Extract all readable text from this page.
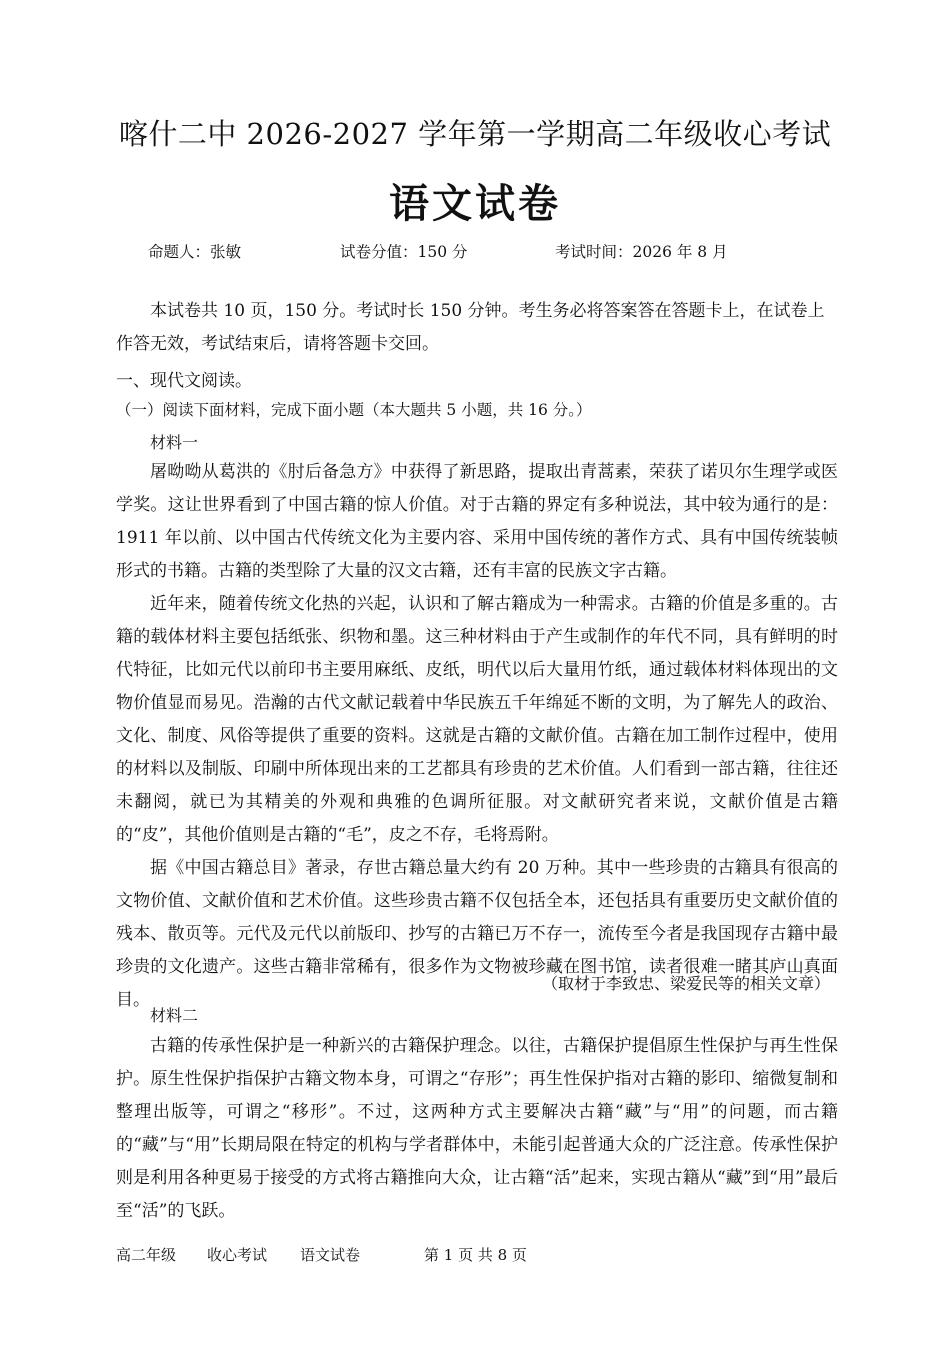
喀什二中 2026-2027 学年第一学期高二年级收心考试
语文试卷
命题人：张敏	试卷分值：150 分	考试时间：2026 年 8 月

本试卷共 10 页，150 分。考试时长 150 分钟。考生务必将答案答在答题卡上，在试卷上作答无效，考试结束后，请将答题卡交回。

一、现代文阅读。
（一）阅读下面材料，完成下面小题（本大题共 5 小题，共 16 分。）
材料一

屠呦呦从葛洪的《肘后备急方》中获得了新思路，提取出青蒿素，荣获了诺贝尔生理学或医学奖。这让世界看到了中国古籍的惊人价值。对于古籍的界定有多种说法，其中较为通行的是：1911 年以前、以中国古代传统文化为主要内容、采用中国传统的著作方式、具有中国传统装帧形式的书籍。古籍的类型除了大量的汉文古籍，还有丰富的民族文字古籍。

近年来，随着传统文化热的兴起，认识和了解古籍成为一种需求。古籍的价值是多重的。古籍的载体材料主要包括纸张、织物和墨。这三种材料由于产生或制作的年代不同，具有鲜明的时代特征，比如元代以前印书主要用麻纸、皮纸，明代以后大量用竹纸，通过载体材料体现出的文物价值显而易见。浩瀚的古代文献记载着中华民族五千年绵延不断的文明，为了解先人的政治、文化、制度、风俗等提供了重要的资料。这就是古籍的文献价值。古籍在加工制作过程中，使用的材料以及制版、印刷中所体现出来的工艺都具有珍贵的艺术价值。人们看到一部古籍，往往还未翻阅，就已为其精美的外观和典雅的色调所征服。对文献研究者来说，文献价值是古籍的“皮”，其他价值则是古籍的“毛”，皮之不存，毛将焉附。

据《中国古籍总目》著录，存世古籍总量大约有 20 万种。其中一些珍贵的古籍具有很高的文物价值、文献价值和艺术价值。这些珍贵古籍不仅包括全本，还包括具有重要历史文献价值的残本、散页等。元代及元代以前版印、抄写的古籍已万不存一，流传至今者是我国现存古籍中最珍贵的文化遗产。这些古籍非常稀有，很多作为文物被珍藏在图书馆，读者很难一睹其庐山真面目。

（取材于李致忠、梁爱民等的相关文章）
材料二

古籍的传承性保护是一种新兴的古籍保护理念。以往，古籍保护提倡原生性保护与再生性保护。原生性保护指保护古籍文物本身，可谓之“存形”；再生性保护指对古籍的影印、缩微复制和整理出版等，可谓之“移形”。不过，这两种方式主要解决古籍“藏”与“用”的问题，而古籍的“藏”与“用”长期局限在特定的机构与学者群体中，未能引起普通大众的广泛注意。传承性保护则是利用各种更易于接受的方式将古籍推向大众，让古籍“活”起来，实现古籍从“藏”到“用”最后至“活”的飞跃。

高二年级 收心考试 语文试卷	第 1 页 共 8 页
